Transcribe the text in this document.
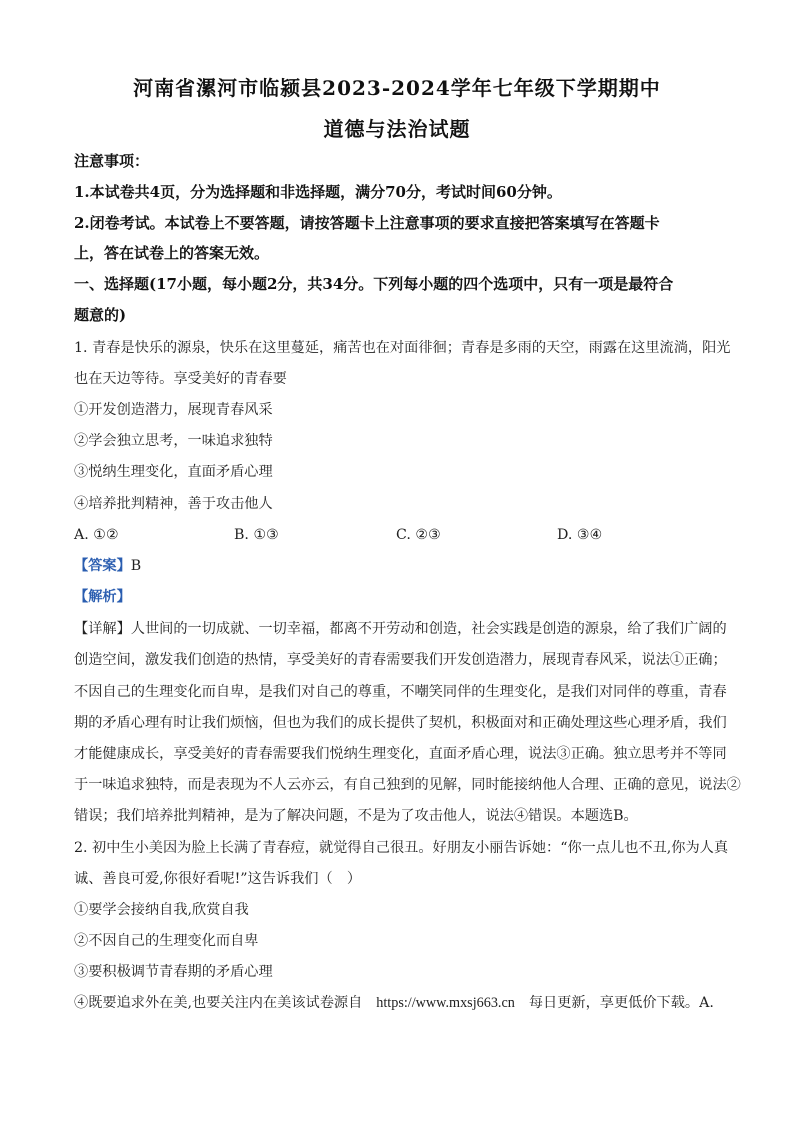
河南省漯河市临颍县2023-2024学年七年级下学期期中
道德与法治试题
注意事项：
1.本试卷共4页，分为选择题和非选择题，满分70分，考试时间60分钟。
2.闭卷考试。本试卷上不要答题，请按答题卡上注意事项的要求直接把答案填写在答题卡
上，答在试卷上的答案无效。
一、选择题(17小题，每小题2分，共34分。下列每小题的四个选项中，只有一项是最符合
题意的)
1. 青春是快乐的源泉，快乐在这里蔓延，痛苦也在对面徘徊；青春是多雨的天空，雨露在这里流淌，阳光
也在天边等待。享受美好的青春要
①开发创造潜力，展现青春风采
②学会独立思考，一味追求独特
③悦纳生理变化，直面矛盾心理
④培养批判精神，善于攻击他人
A. ①②	B. ①③	C. ②③	D. ③④
【答案】B
【解析】
【详解】人世间的一切成就、一切幸福，都离不开劳动和创造，社会实践是创造的源泉，给了我们广阔的
创造空间，激发我们创造的热情，享受美好的青春需要我们开发创造潜力，展现青春风采，说法①正确；
不因自己的生理变化而自卑，是我们对自己的尊重，不嘲笑同伴的生理变化，是我们对同伴的尊重，青春
期的矛盾心理有时让我们烦恼，但也为我们的成长提供了契机，积极面对和正确处理这些心理矛盾，我们
才能健康成长，享受美好的青春需要我们悦纳生理变化，直面矛盾心理，说法③正确。独立思考并不等同
于一味追求独特，而是表现为不人云亦云，有自己独到的见解，同时能接纳他人合理、正确的意见，说法②
错误；我们培养批判精神，是为了解决问题，不是为了攻击他人，说法④错误。本题选B。
2. 初中生小美因为脸上长满了青春痘，就觉得自己很丑。好朋友小丽告诉她：“你一点儿也不丑,你为人真
诚、善良可爱,你很好看呢!”这告诉我们（　）
①要学会接纳自我,欣赏自我
②不因自己的生理变化而自卑
③要积极调节青春期的矛盾心理
④既要追求外在美,也要关注内在美该试卷源自 https://www.mxsj663.cn 每日更新，享更低价下载。A.
